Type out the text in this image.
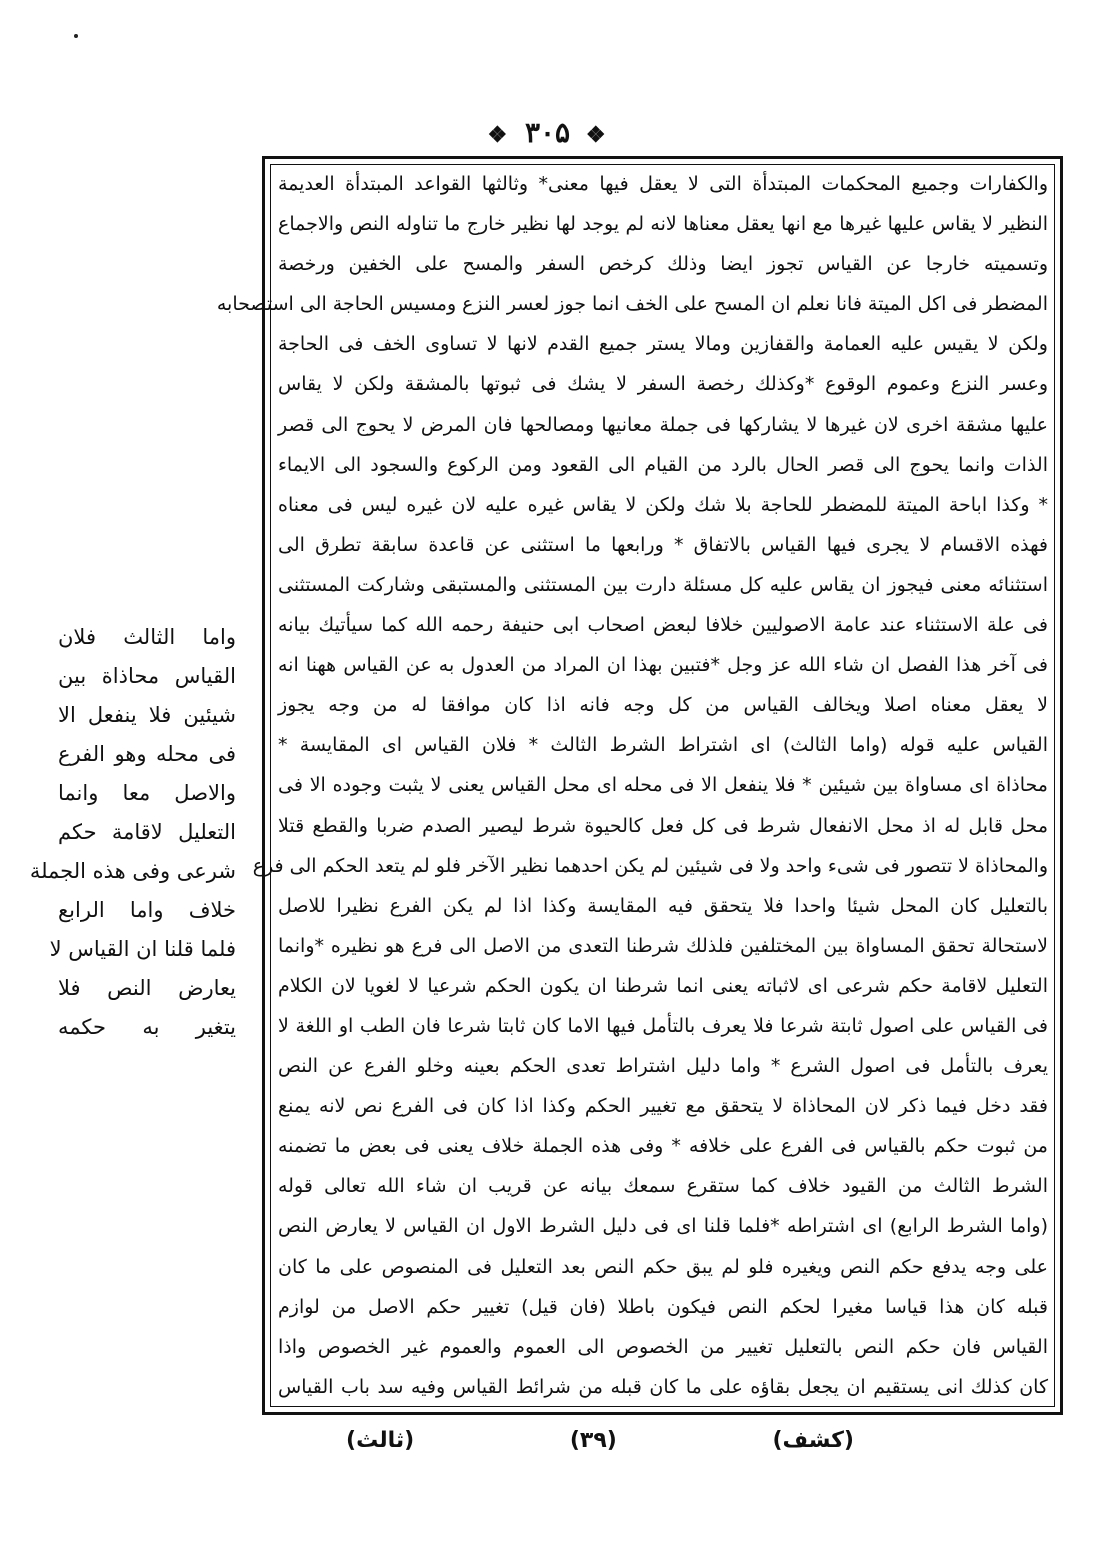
❖ ۳۰۵ ❖
والكفارات وجميع المحكمات المبتدأة التى لا يعقل فيها معنى* وثالثها القواعد المبتدأة العديمة
النظير لا يقاس عليها غيرها مع انها يعقل معناها لانه لم يوجد لها نظير خارج ما تناوله النص والاجماع
وتسميته خارجا عن القياس تجوز ايضا وذلك كرخص السفر والمسح على الخفين ورخصة
المضطر فى اكل الميتة فانا نعلم ان المسح على الخف انما جوز لعسر النزع ومسيس الحاجة الى استصحابه
ولكن لا يقيس عليه العمامة والقفازين ومالا يستر جميع القدم لانها لا تساوى الخف فى الحاجة
وعسر النزع وعموم الوقوع *وكذلك رخصة السفر لا يشك فى ثبوتها بالمشقة ولكن لا يقاس
عليها مشقة اخرى لان غيرها لا يشاركها فى جملة معانيها ومصالحها فان المرض لا يحوج الى قصر
الذات وانما يحوج الى قصر الحال بالرد من القيام الى القعود ومن الركوع والسجود الى الايماء
* وكذا اباحة الميتة للمضطر للحاجة بلا شك ولكن لا يقاس غيره عليه لان غيره ليس فى معناه
فهذه الاقسام لا يجرى فيها القياس بالاتفاق * ورابعها ما استثنى عن قاعدة سابقة تطرق الى
استثنائه معنى فيجوز ان يقاس عليه كل مسئلة دارت بين المستثنى والمستبقى وشاركت المستثنى
فى علة الاستثناء عند عامة الاصوليين خلافا لبعض اصحاب ابى حنيفة رحمه الله كما سيأتيك بيانه
فى آخر هذا الفصل ان شاء الله عز وجل *فتبين بهذا ان المراد من العدول به عن القياس ههنا انه
لا يعقل معناه اصلا ويخالف القياس من كل وجه فانه اذا كان موافقا له من وجه يجوز
القياس عليه قوله (واما الثالث) اى اشتراط الشرط الثالث * فلان القياس اى المقايسة *
محاذاة اى مساواة بين شيئين * فلا ينفعل الا فى محله اى محل القياس يعنى لا يثبت وجوده الا فى
محل قابل له اذ محل الانفعال شرط فى كل فعل كالحيوة شرط ليصير الصدم ضربا والقطع قتلا
والمحاذاة لا تتصور فى شىء واحد ولا فى شيئين لم يكن احدهما نظير الآخر فلو لم يتعد الحكم الى فرع
بالتعليل كان المحل شيئا واحدا فلا يتحقق فيه المقايسة وكذا اذا لم يكن الفرع نظيرا للاصل
لاستحالة تحقق المساواة بين المختلفين فلذلك شرطنا التعدى من الاصل الى فرع هو نظيره *وانما
التعليل لاقامة حكم شرعى اى لاثباته يعنى انما شرطنا ان يكون الحكم شرعيا لا لغويا لان الكلام
فى القياس على اصول ثابتة شرعا فلا يعرف بالتأمل فيها الاما كان ثابتا شرعا فان الطب او اللغة لا
يعرف بالتأمل فى اصول الشرع * واما دليل اشتراط تعدى الحكم بعينه وخلو الفرع عن النص
فقد دخل فيما ذكر لان المحاذاة لا يتحقق مع تغيير الحكم وكذا اذا كان فى الفرع نص لانه يمنع
من ثبوت حكم بالقياس فى الفرع على خلافه * وفى هذه الجملة خلاف يعنى فى بعض ما تضمنه
الشرط الثالث من القيود خلاف كما ستقرع سمعك بيانه عن قريب ان شاء الله تعالى قوله
(واما الشرط الرابع) اى اشتراطه *فلما قلنا اى فى دليل الشرط الاول ان القياس لا يعارض النص
على وجه يدفع حكم النص ويغيره فلو لم يبق حكم النص بعد التعليل فى المنصوص على ما كان
قبله كان هذا قياسا مغيرا لحكم النص فيكون باطلا (فان قيل) تغيير حكم الاصل من لوازم
القياس فان حكم النص بالتعليل تغيير من الخصوص الى العموم والعموم غير الخصوص واذا
كان كذلك انى يستقيم ان يجعل بقاؤه على ما كان قبله من شرائط القياس وفيه سد باب القياس
واما الثالث فلان
القياس محاذاة بين
شيئين فلا ينفعل الا
فى محله وهو الفرع
والاصل معا وانما
التعليل لاقامة حكم
شرعى وفى هذه الجملة
خلاف واما الرابع
فلما قلنا ان القياس لا
يعارض النص فلا
يتغير به حكمه
(كشف)
(۳۹)
(ثالث)
